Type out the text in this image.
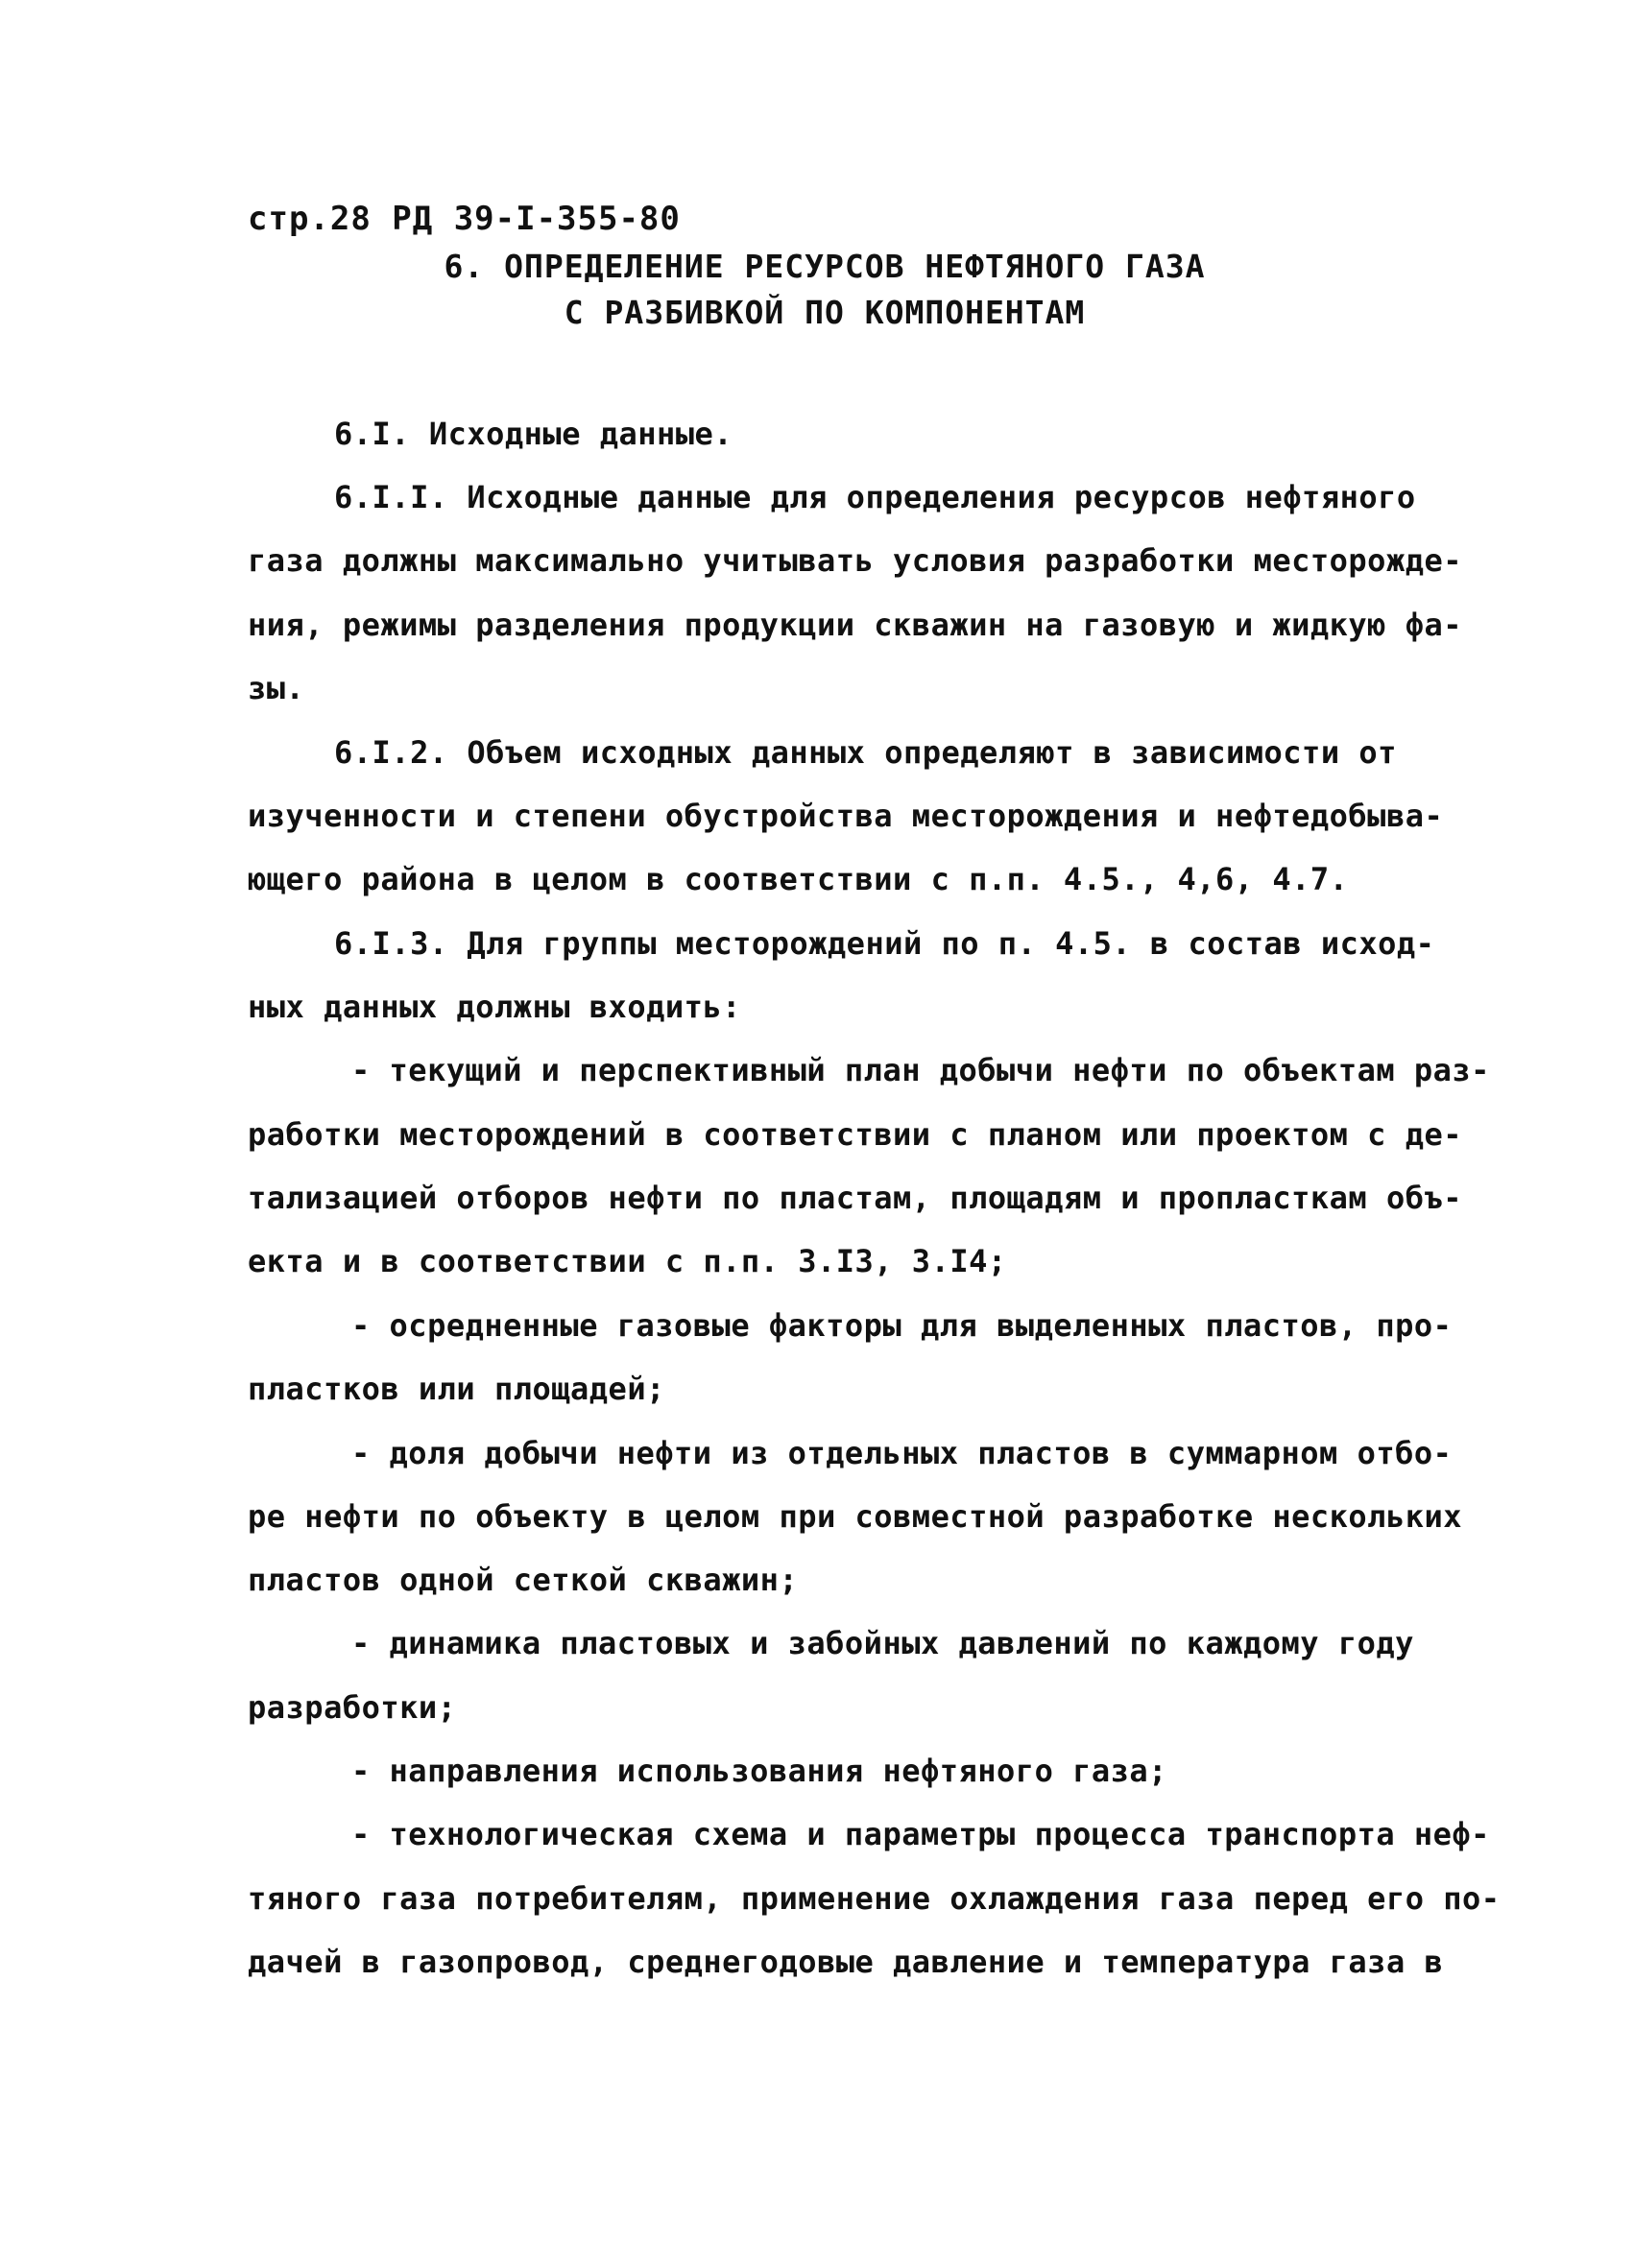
стр.28 РД 39-I-355-80
6. ОПРЕДЕЛЕНИЕ РЕСУРСОВ НЕФТЯНОГО ГАЗА
С РАЗБИВКОЙ ПО КОМПОНЕНТАМ
6.I. Исходные данные.
6.I.I. Исходные данные для определения ресурсов нефтяного
газа должны максимально учитывать условия разработки месторожде-
ния, режимы разделения продукции скважин на газовую и жидкую фа-
зы.
6.I.2. Объем исходных данных определяют в зависимости от
изученности и степени обустройства месторождения и нефтедобыва-
ющего района в целом в соответствии с п.п. 4.5., 4,6, 4.7.
6.I.3. Для группы месторождений по п. 4.5. в состав исход-
ных данных должны входить:
- текущий и перспективный план добычи нефти по объектам раз-
работки месторождений в соответствии с планом или проектом с де-
тализацией отборов нефти по пластам, площадям и пропласткам объ-
екта и в соответствии с п.п. 3.I3, 3.I4;
- осредненные газовые факторы для выделенных пластов, про-
пластков или площадей;
- доля добычи нефти из отдельных пластов в суммарном отбо-
ре нефти по объекту в целом при совместной разработке нескольких
пластов одной сеткой скважин;
- динамика пластовых и забойных давлений по каждому году
разработки;
- направления использования нефтяного газа;
- технологическая схема и параметры процесса транспорта неф-
тяного газа потребителям, применение охлаждения газа перед его по-
дачей в газопровод, среднегодовые давление и температура газа в
